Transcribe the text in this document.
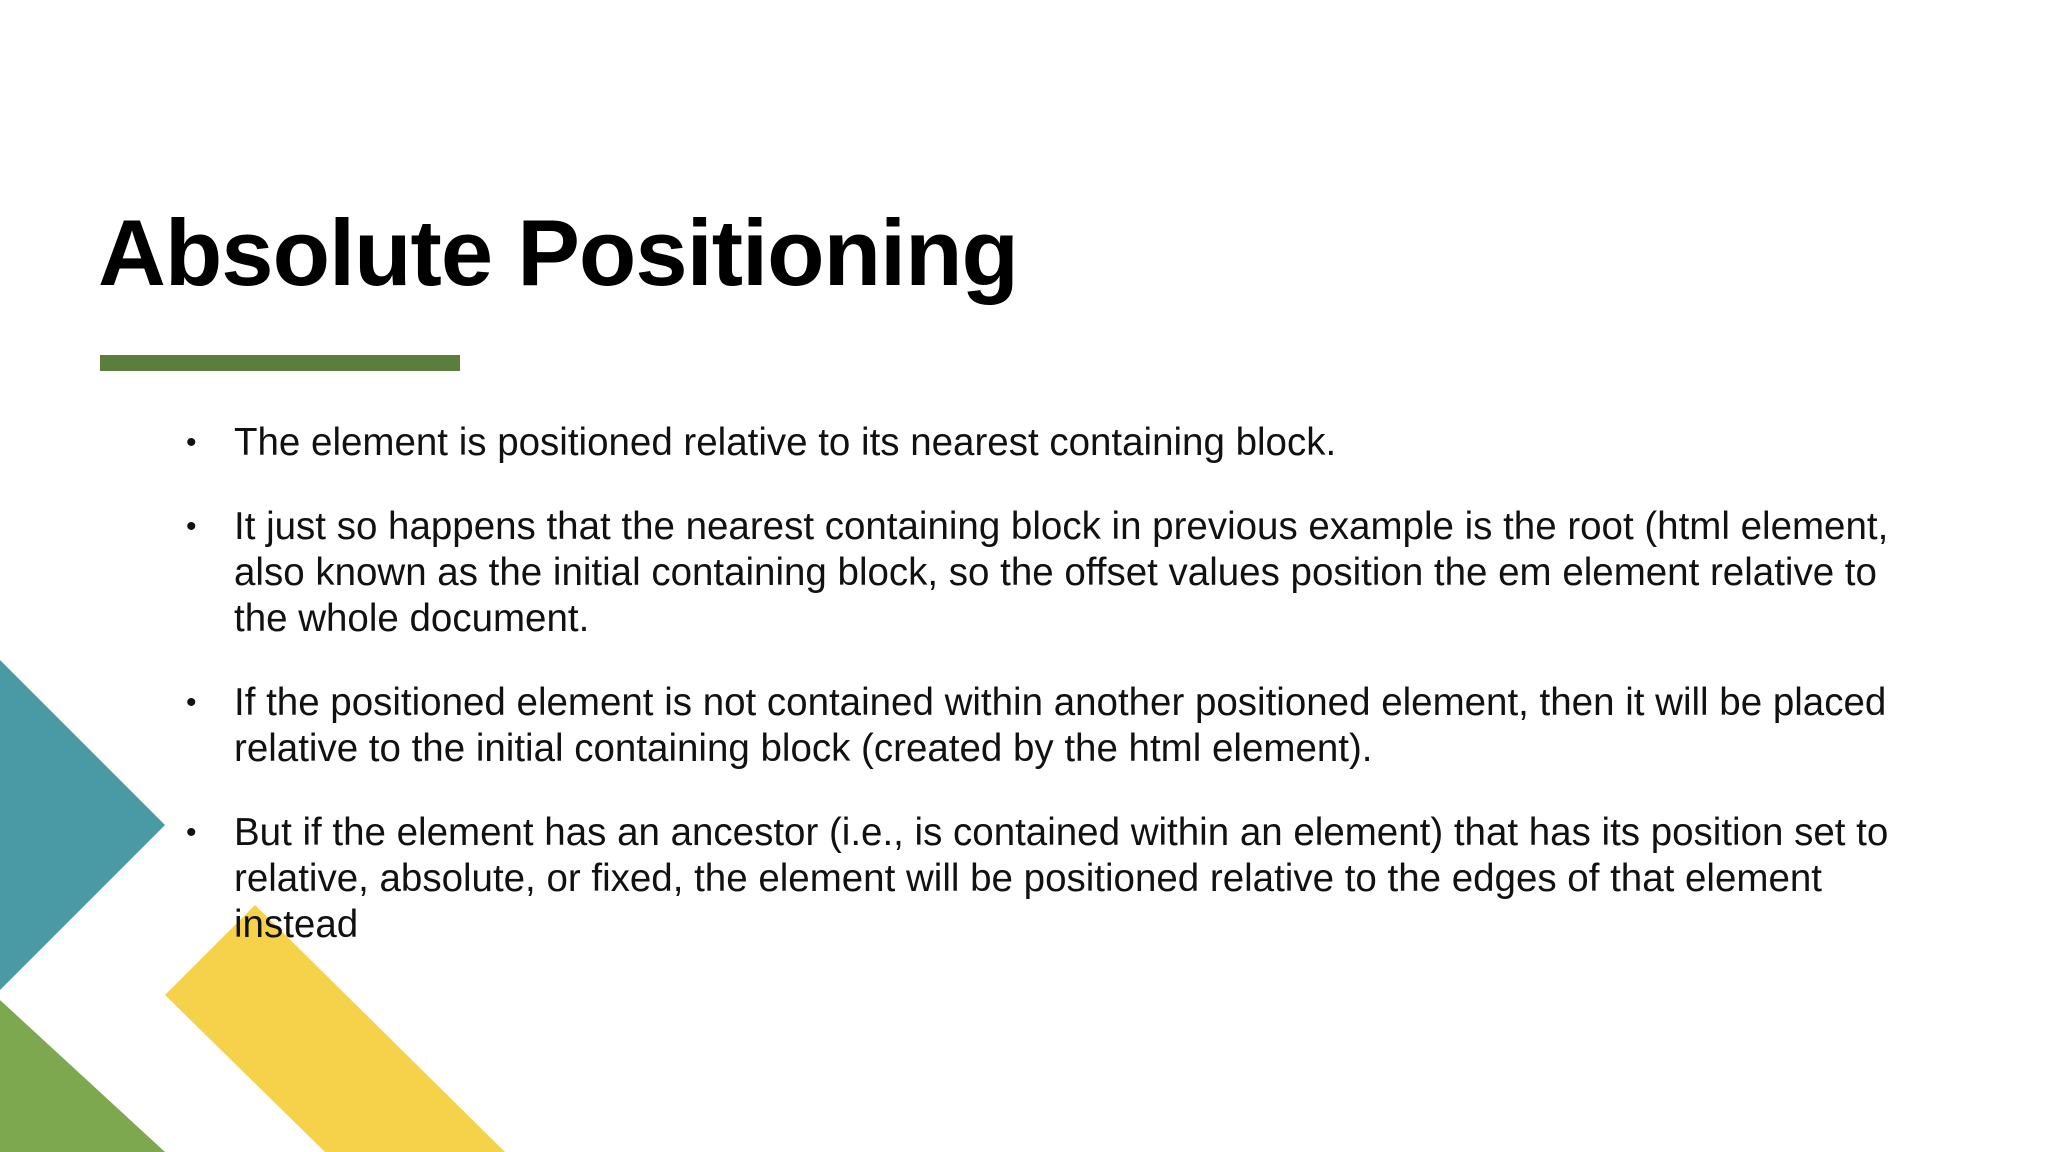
Absolute Positioning
• The element is positioned relative to its nearest containing block.
• It just so happens that the nearest containing block in previous example is the root (html element, also known as the initial containing block, so the offset values position the em element relative to the whole document.
• If the positioned element is not contained within another positioned element, then it will be placed relative to the initial containing block (created by the html element).
• But if the element has an ancestor (i.e., is contained within an element) that has its position set to relative, absolute, or fixed, the element will be positioned relative to the edges of that element instead
